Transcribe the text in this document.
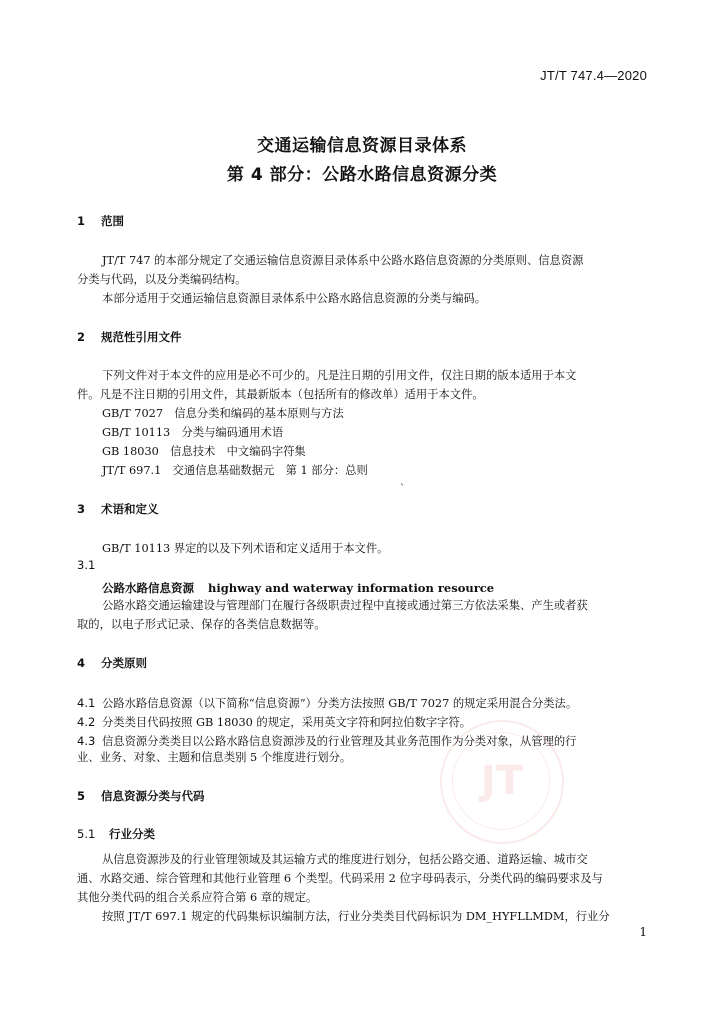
JT/T 747.4—2020
交通运输信息资源目录体系
第 4 部分：公路水路信息资源分类
1 范围

JT/T 747 的本部分规定了交通运输信息资源目录体系中公路水路信息资源的分类原则、信息资源

分类与代码，以及分类编码结构。

本部分适用于交通运输信息资源目录体系中公路水路信息资源的分类与编码。

2 规范性引用文件

下列文件对于本文件的应用是必不可少的。凡是注日期的引用文件，仅注日期的版本适用于本文

件。凡是不注日期的引用文件，其最新版本（包括所有的修改单）适用于本文件。

GB/T 7027　信息分类和编码的基本原则与方法

GB/T 10113　分类与编码通用术语

GB 18030　信息技术　中文编码字符集

JT/T 697.1　交通信息基础数据元　第 1 部分：总则

`
3 术语和定义

GB/T 10113 界定的以及下列术语和定义适用于本文件。

3.1
公路水路信息资源 highway and waterway information resource

公路水路交通运输建设与管理部门在履行各级职责过程中直接或通过第三方依法采集、产生或者获

取的，以电子形式记录、保存的各类信息数据等。

4 分类原则
4.1 公路水路信息资源（以下简称“信息资源”）分类方法按照 GB/T 7027 的规定采用混合分类法。
4.2 分类类目代码按照 GB 18030 的规定，采用英文字符和阿拉伯数字字符。
4.3 信息资源分类类目以公路水路信息资源涉及的行业管理及其业务范围作为分类对象，从管理的行

业、业务、对象、主题和信息类别 5 个维度进行划分。

JT
5 信息资源分类与代码
5.1 行业分类

从信息资源涉及的行业管理领域及其运输方式的维度进行划分，包括公路交通、道路运输、城市交

通、水路交通、综合管理和其他行业管理 6 个类型。代码采用 2 位字母码表示，分类代码的编码要求及与

其他分类代码的组合关系应符合第 6 章的规定。

按照 JT/T 697.1 规定的代码集标识编制方法，行业分类类目代码标识为 DM_HYFLLMDM，行业分

1
